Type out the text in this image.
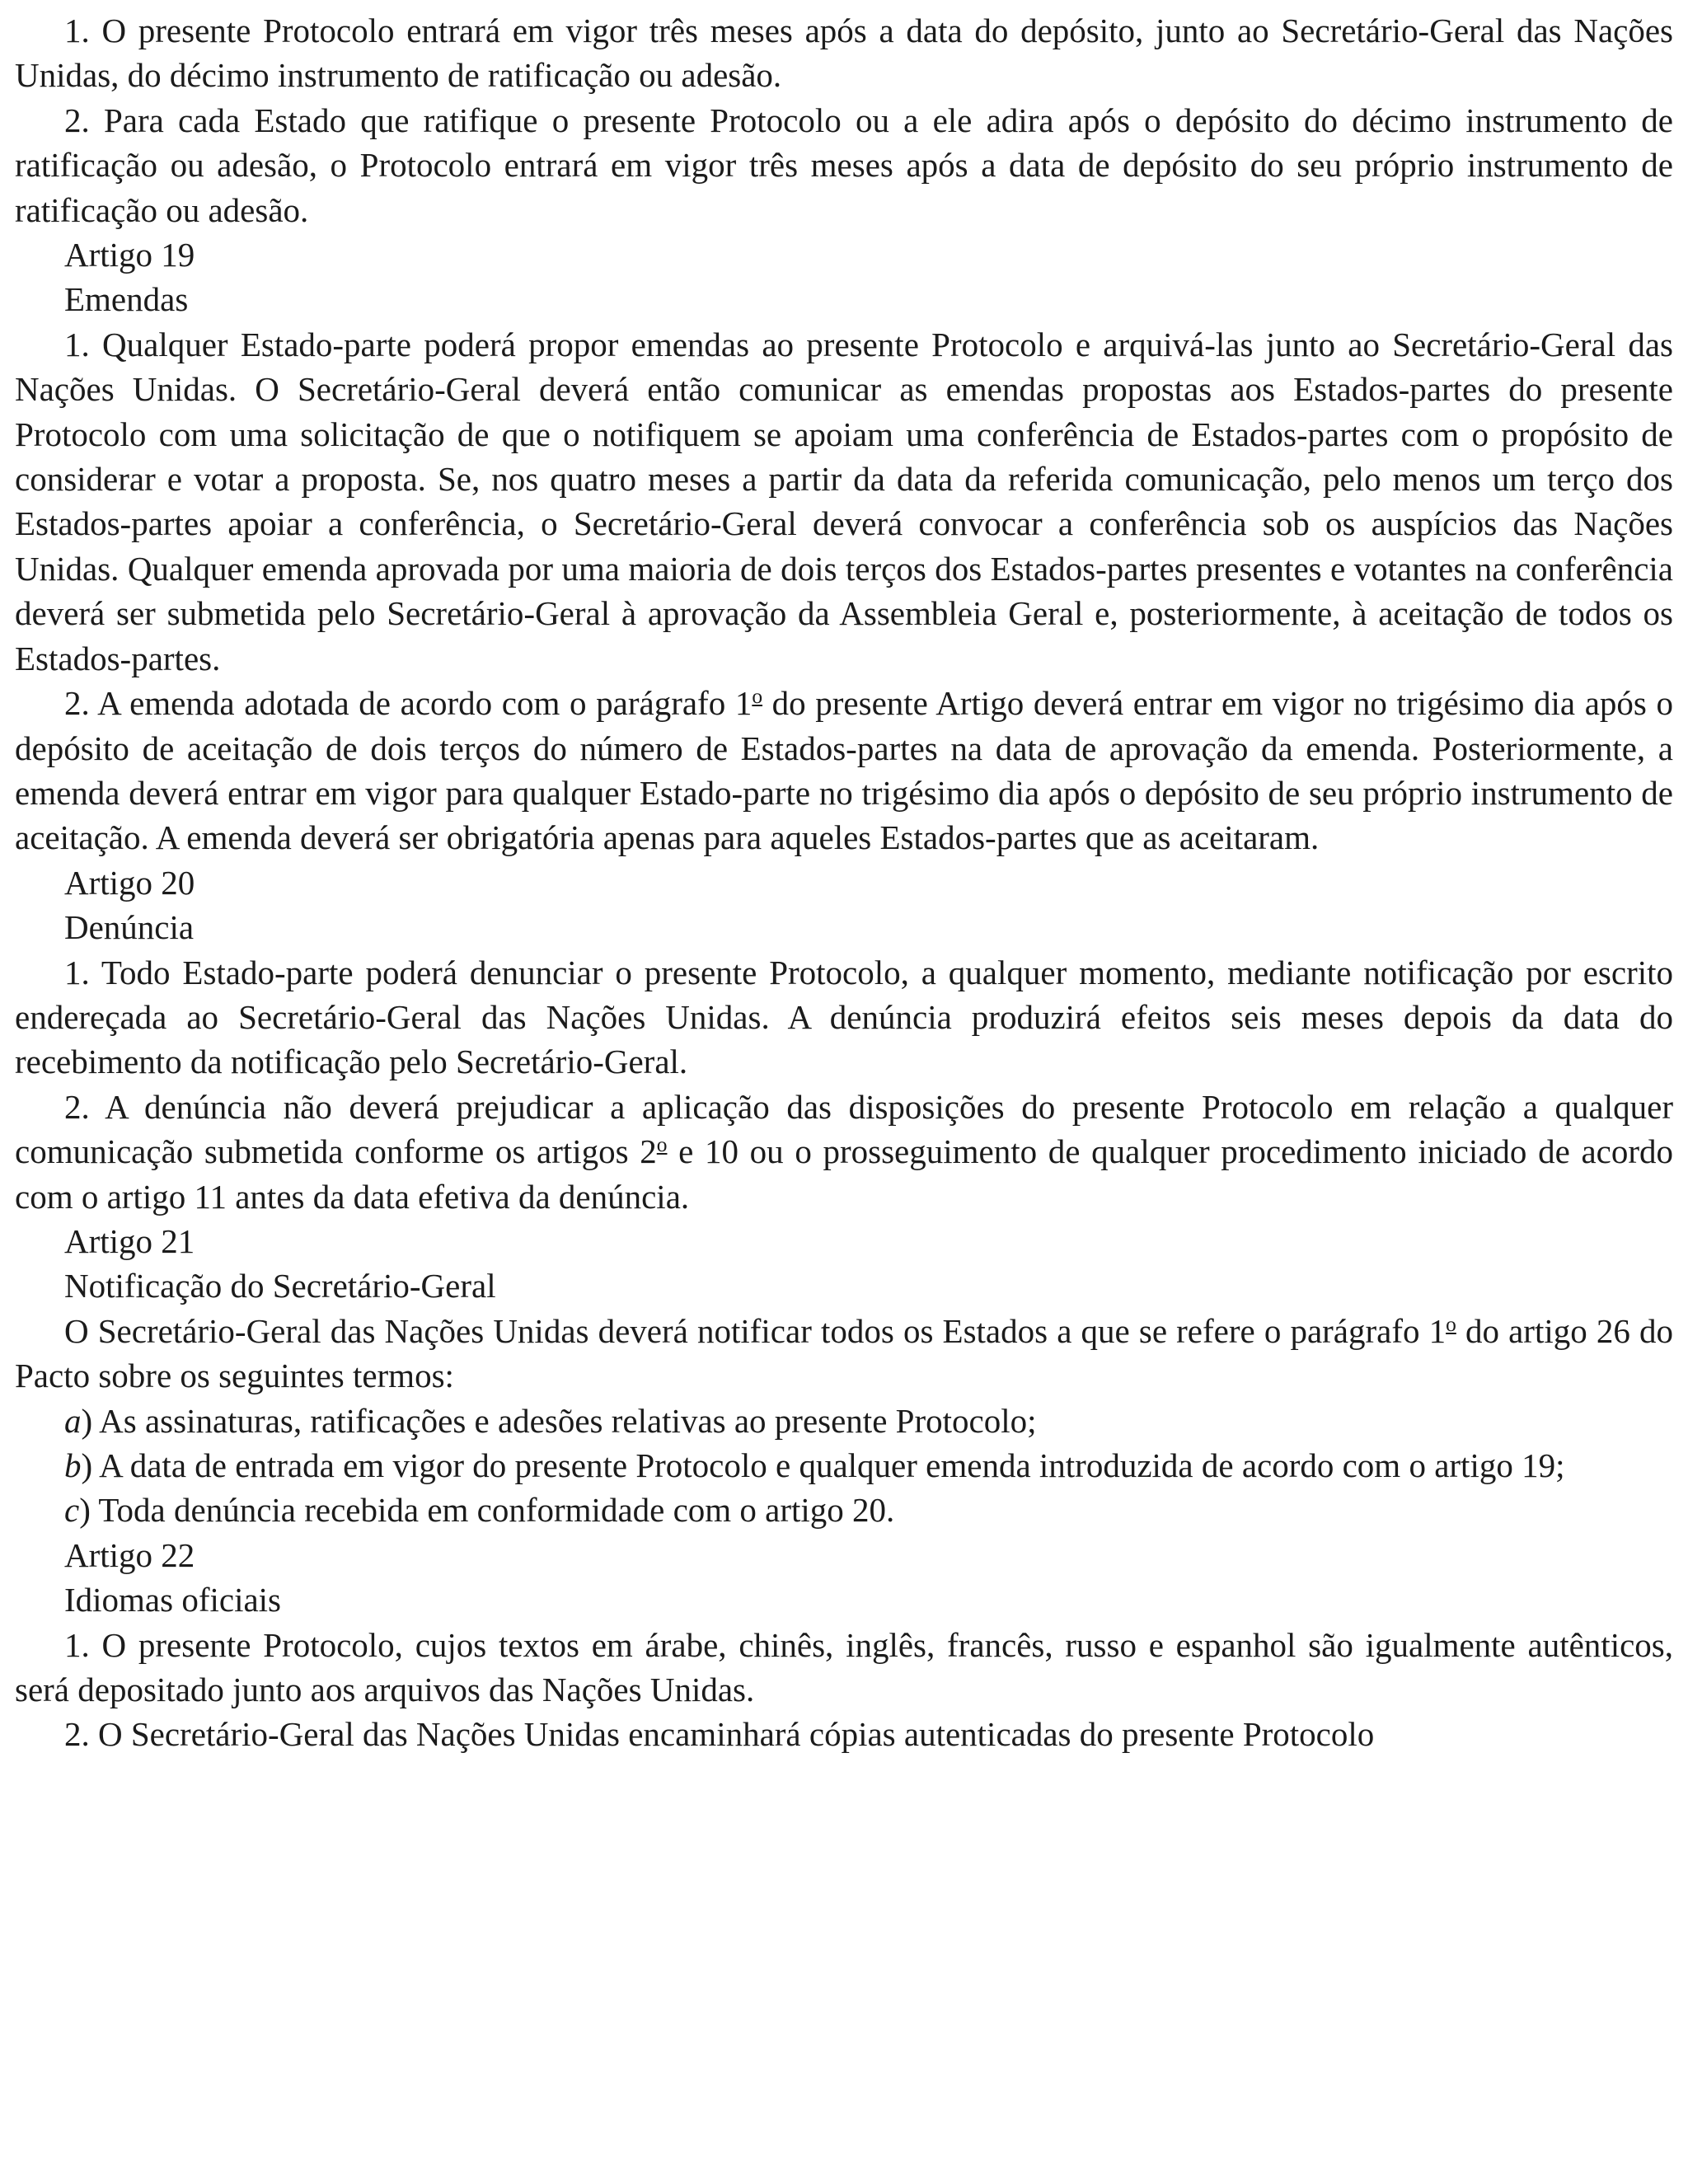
1. O presente Protocolo entrará em vigor três meses após a data do depósito, junto ao Secretário-Geral das Nações Unidas, do décimo instrumento de ratificação ou adesão.

2. Para cada Estado que ratifique o presente Protocolo ou a ele adira após o depósito do décimo instrumento de ratificação ou adesão, o Protocolo entrará em vigor três meses após a data de depósito do seu próprio instrumento de ratificação ou adesão.

Artigo 19

Emendas

1. Qualquer Estado-parte poderá propor emendas ao presente Protocolo e arquivá-las junto ao Secretário-Geral das Nações Unidas. O Secretário-Geral deverá então comunicar as emendas propostas aos Estados-partes do presente Protocolo com uma solicitação de que o notifiquem se apoiam uma conferência de Estados-partes com o propósito de considerar e votar a proposta. Se, nos quatro meses a partir da data da referida comunicação, pelo menos um terço dos Estados-partes apoiar a conferência, o Secretário-Geral deverá convocar a conferência sob os auspícios das Nações Unidas. Qualquer emenda aprovada por uma maioria de dois terços dos Estados-partes presentes e votantes na conferência deverá ser submetida pelo Secretário-Geral à aprovação da Assembleia Geral e, posteriormente, à aceitação de todos os Estados-partes.

2. A emenda adotada de acordo com o parágrafo 1$^o$ do presente Artigo deverá entrar em vigor no trigésimo dia após o depósito de aceitação de dois terços do número de Estados-partes na data de aprovação da emenda. Posteriormente, a emenda deverá entrar em vigor para qualquer Estado-parte no trigésimo dia após o depósito de seu próprio instrumento de aceitação. A emenda deverá ser obrigatória apenas para aqueles Estados-partes que as aceitaram.

Artigo 20

Denúncia

1. Todo Estado-parte poderá denunciar o presente Protocolo, a qualquer momento, mediante notificação por escrito endereçada ao Secretário-Geral das Nações Unidas. A denúncia produzirá efeitos seis meses depois da data do recebimento da notificação pelo Secretário-Geral.

2. A denúncia não deverá prejudicar a aplicação das disposições do presente Protocolo em relação a qualquer comunicação submetida conforme os artigos 2$^o$ e 10 ou o prosseguimento de qualquer procedimento iniciado de acordo com o artigo 11 antes da data efetiva da denúncia.

Artigo 21

Notificação do Secretário-Geral

O Secretário-Geral das Nações Unidas deverá notificar todos os Estados a que se refere o parágrafo 1$^o$ do artigo 26 do Pacto sobre os seguintes termos:

a) As assinaturas, ratificações e adesões relativas ao presente Protocolo;

b) A data de entrada em vigor do presente Protocolo e qualquer emenda introduzida de acordo com o artigo 19;

c) Toda denúncia recebida em conformidade com o artigo 20.

Artigo 22

Idiomas oficiais

1. O presente Protocolo, cujos textos em árabe, chinês, inglês, francês, russo e espanhol são igualmente autênticos, será depositado junto aos arquivos das Nações Unidas.

2. O Secretário-Geral das Nações Unidas encaminhará cópias autenticadas do presente Protocolo
